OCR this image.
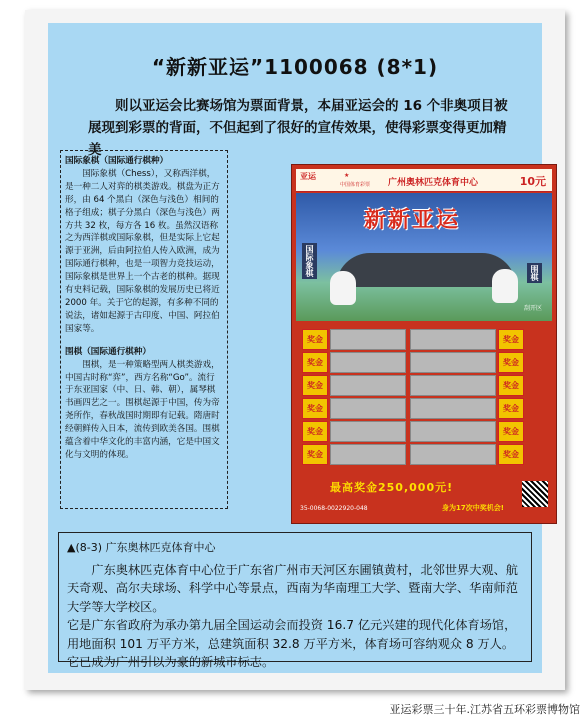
“新新亚运”1100068 (8*1)

则以亚运会比赛场馆为票面背景，本届亚运会的 16 个非奥项目被展现到彩票的背面，不但起到了很好的宣传效果，使得彩票变得更加精美

国际象棋（国际通行棋种）

国际象棋（Chess），又称西洋棋，是一种二人对弈的棋类游戏。棋盘为正方形，由 64 个黑白（深色与浅色）相间的格子组成；棋子分黑白（深色与浅色）两方共 32 枚，每方各 16 枚。虽然汉语称之为西洋棋或国际象棋，但是实际上它起源于亚洲，后由阿拉伯人传入欧洲，成为国际通行棋种，也是一项智力竞技运动，国际象棋是世界上一个古老的棋种。据现有史料记载，国际象棋的发展历史已将近 2000 年。关于它的起源，有多种不同的说法，诸如起源于古印度、中国、阿拉伯国家等。

围棋（国际通行棋种）

围棋，是一种策略型两人棋类游戏，中国古时称“弈”，西方名称“Go”。流行于东亚国家（中、日、韩、朝），属琴棋书画四艺之一。围棋起源于中国，传为帝尧所作，春秋战国时期即有记载。隋唐时经朝鲜传入日本，流传到欧美各国。围棋蕴含着中华文化的丰富内涵，它是中国文化与文明的体现。

亚运	★
中国体育彩票 广州奥林匹克体育中心	10元
新新亚运
国际象棋	围棋
刮开区
奖金	奖金
奖金	奖金
奖金	奖金
奖金	奖金
奖金	奖金
奖金	奖金
最高奖金250,000元!
35-0068-0022920-048	身为17次中奖机会!
▲(8-3) 广东奥林匹克体育中心

广东奥林匹克体育中心位于广东省广州市天河区东圃镇黄村，北邻世界大观、航天奇观、高尔夫球场、科学中心等景点，西南为华南理工大学、暨南大学、华南师范大学等大学校区。

它是广东省政府为承办第九届全国运动会而投资 16.7 亿元兴建的现代化体育场馆，用地面积 101 万平方米，总建筑面积 32.8 万平方米，体育场可容纳观众 8 万人。它已成为广州引以为豪的新城市标志。

亚运彩票三十年.江苏省五环彩票博物馆
